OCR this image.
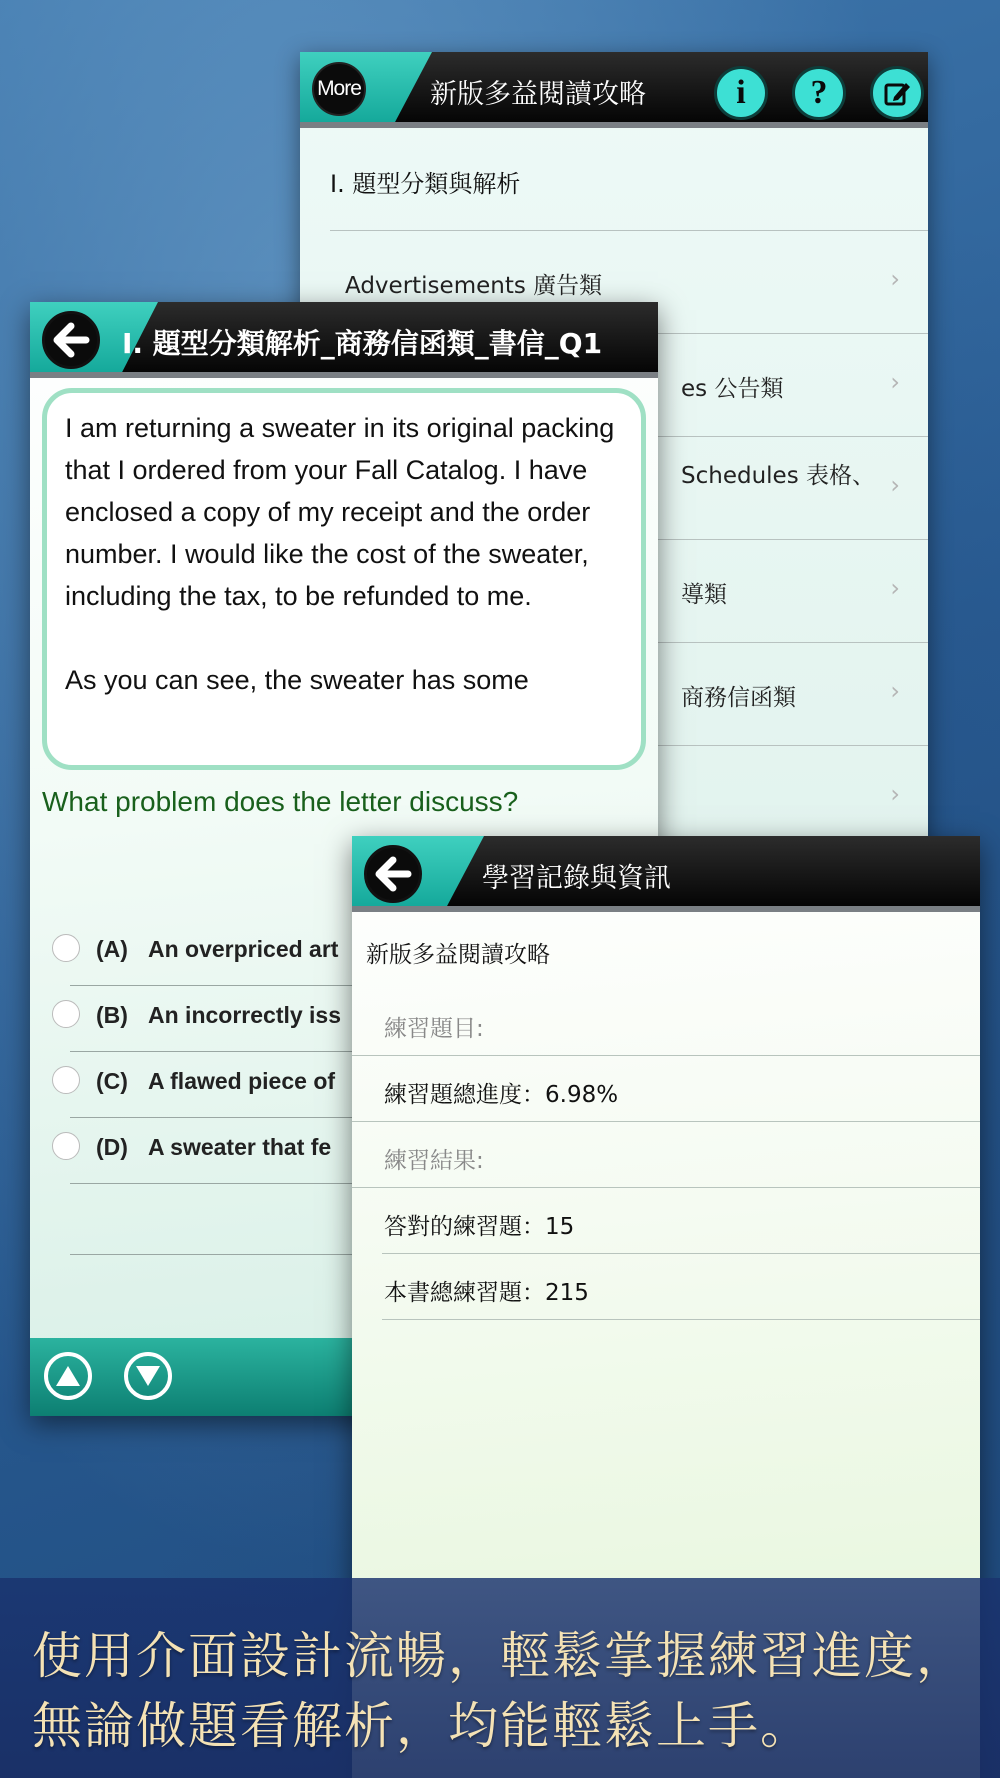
More	新版多益閱讀攻略	i	?
I. 題型分類與解析
Advertisements 廣告類	›
es 公告類	›
Schedules 表格、 ›
導類	›
商務信函類	›
›
I. 題型分類解析_商務信函類_書信_Q1

I am returning a sweater in its original packing that I ordered from your Fall Catalog. I have enclosed a copy of my receipt and the order number. I would like the cost of the sweater, including the tax, to be refunded to me.

As you can see, the sweater has some

What problem does the letter discuss?
(A) An overpriced art
(B) An incorrectly iss
(C) A flawed piece of
(D) A sweater that fe
學習記錄與資訊
新版多益閱讀攻略
練習題目:
練習題總進度：6.98%
練習結果:
答對的練習題：15
本書總練習題：215
使用介面設計流暢，輕鬆掌握練習進度，
無論做題看解析，均能輕鬆上手。
